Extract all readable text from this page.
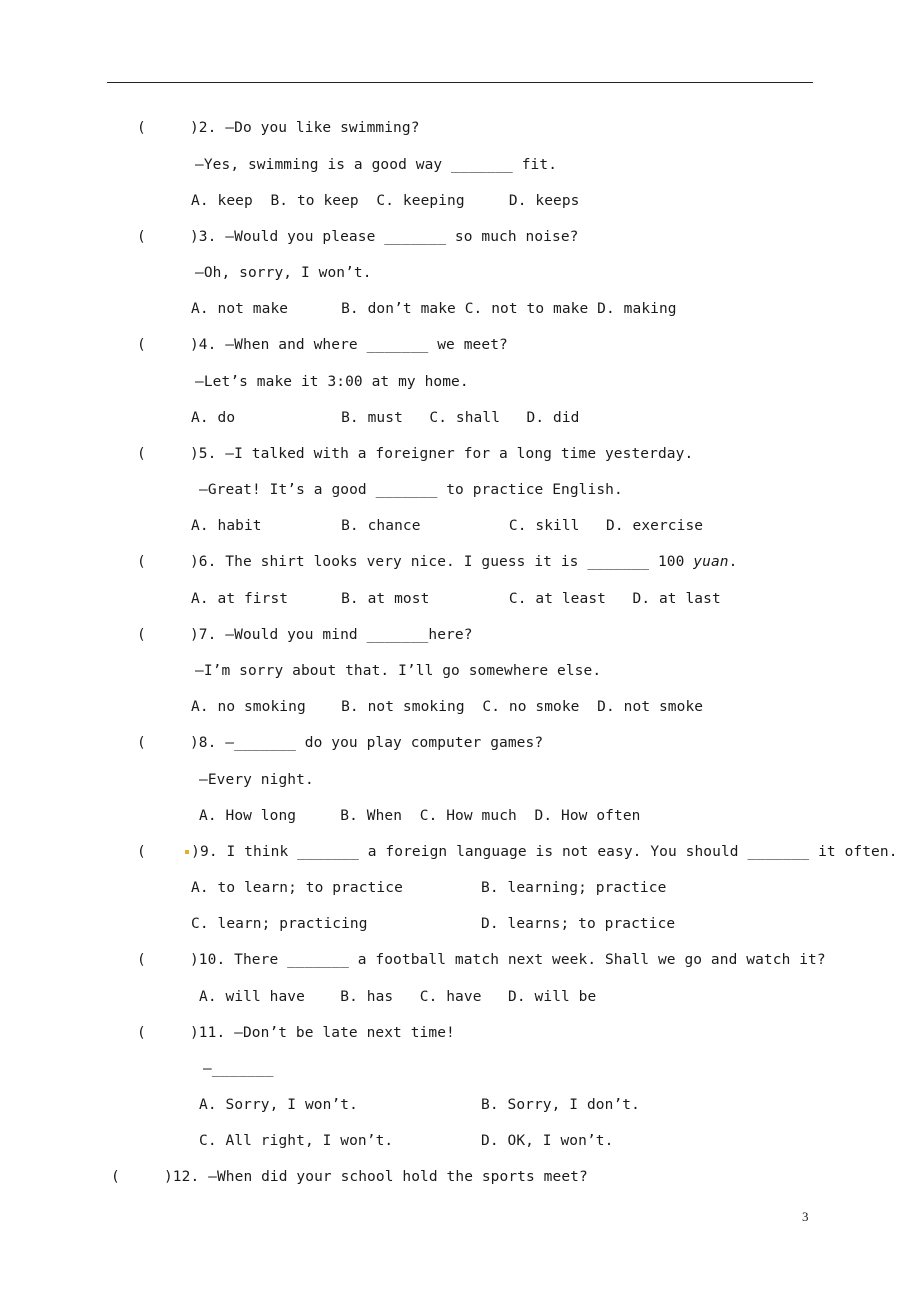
(     )2. —Do you like swimming?
—Yes, swimming is a good way _______ fit.
A. keep  B. to keep  C. keeping     D. keeps
(     )3. —Would you please _______ so much noise?
—Oh, sorry, I won’t.
A. not make      B. don’t make C. not to make D. making
(     )4. —When and where _______ we meet?
—Let’s make it 3:00 at my home.
A. do            B. must   C. shall   D. did
(     )5. —I talked with a foreigner for a long time yesterday.
—Great! It’s a good _______ to practice English.
A. habit         B. chance          C. skill   D. exercise
(     )6. The shirt looks very nice. I guess it is _______ 100 yuan.
A. at first      B. at most         C. at least   D. at last
(     )7. —Would you mind _______here?
—I’m sorry about that. I’ll go somewhere else.
A. no smoking    B. not smoking  C. no smoke  D. not smoke
(     )8. —_______ do you play computer games?
—Every night.
A. How long     B. When  C. How much  D. How often
(	)9. I think _______ a foreign language is not easy. You should _______ it often.
A. to learn; to practice	B. learning; practice
C. learn; practicing	D. learns; to practice
(     )10. There _______ a football match next week. Shall we go and watch it?
A. will have    B. has   C. have   D. will be
(     )11. —Don’t be late next time!
—_______
A. Sorry, I won’t.	B. Sorry, I don’t.
C. All right, I won’t.	D. OK, I won’t.
(     )12. —When did your school hold the sports meet?
3
